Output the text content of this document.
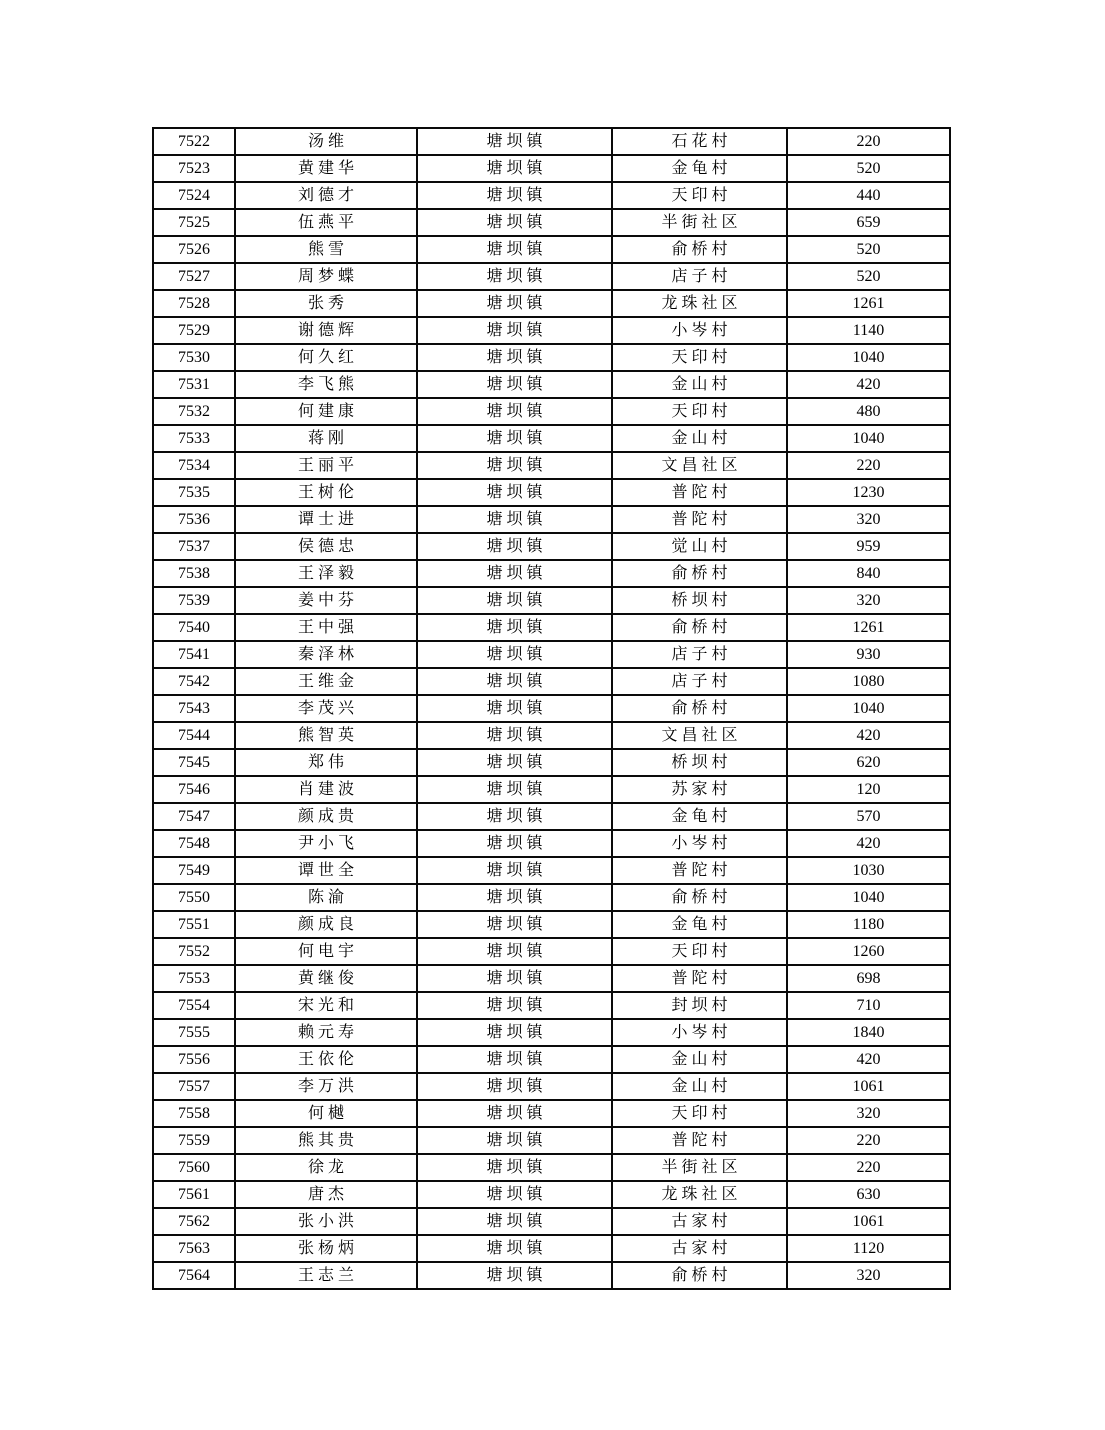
7522	汤维	塘坝镇	石花村	220
7523	黄建华	塘坝镇	金龟村	520
7524	刘德才	塘坝镇	天印村	440
7525	伍燕平	塘坝镇	半街社区	659
7526	熊雪	塘坝镇	俞桥村	520
7527	周梦蝶	塘坝镇	店子村	520
7528	张秀	塘坝镇	龙珠社区	1261
7529	谢德辉	塘坝镇	小岑村	1140
7530	何久红	塘坝镇	天印村	1040
7531	李飞熊	塘坝镇	金山村	420
7532	何建康	塘坝镇	天印村	480
7533	蒋刚	塘坝镇	金山村	1040
7534	王丽平	塘坝镇	文昌社区	220
7535	王树伦	塘坝镇	普陀村	1230
7536	谭士进	塘坝镇	普陀村	320
7537	侯德忠	塘坝镇	觉山村	959
7538	王泽毅	塘坝镇	俞桥村	840
7539	姜中芬	塘坝镇	桥坝村	320
7540	王中强	塘坝镇	俞桥村	1261
7541	秦泽林	塘坝镇	店子村	930
7542	王维金	塘坝镇	店子村	1080
7543	李茂兴	塘坝镇	俞桥村	1040
7544	熊智英	塘坝镇	文昌社区	420
7545	郑伟	塘坝镇	桥坝村	620
7546	肖建波	塘坝镇	苏家村	120
7547	颜成贵	塘坝镇	金龟村	570
7548	尹小飞	塘坝镇	小岑村	420
7549	谭世全	塘坝镇	普陀村	1030
7550	陈渝	塘坝镇	俞桥村	1040
7551	颜成良	塘坝镇	金龟村	1180
7552	何电宇	塘坝镇	天印村	1260
7553	黄继俊	塘坝镇	普陀村	698
7554	宋光和	塘坝镇	封坝村	710
7555	赖元寿	塘坝镇	小岑村	1840
7556	王依伦	塘坝镇	金山村	420
7557	李万洪	塘坝镇	金山村	1061
7558	何樾	塘坝镇	天印村	320
7559	熊其贵	塘坝镇	普陀村	220
7560	徐龙	塘坝镇	半街社区	220
7561	唐杰	塘坝镇	龙珠社区	630
7562	张小洪	塘坝镇	古家村	1061
7563	张杨炳	塘坝镇	古家村	1120
7564	王志兰	塘坝镇	俞桥村	320
